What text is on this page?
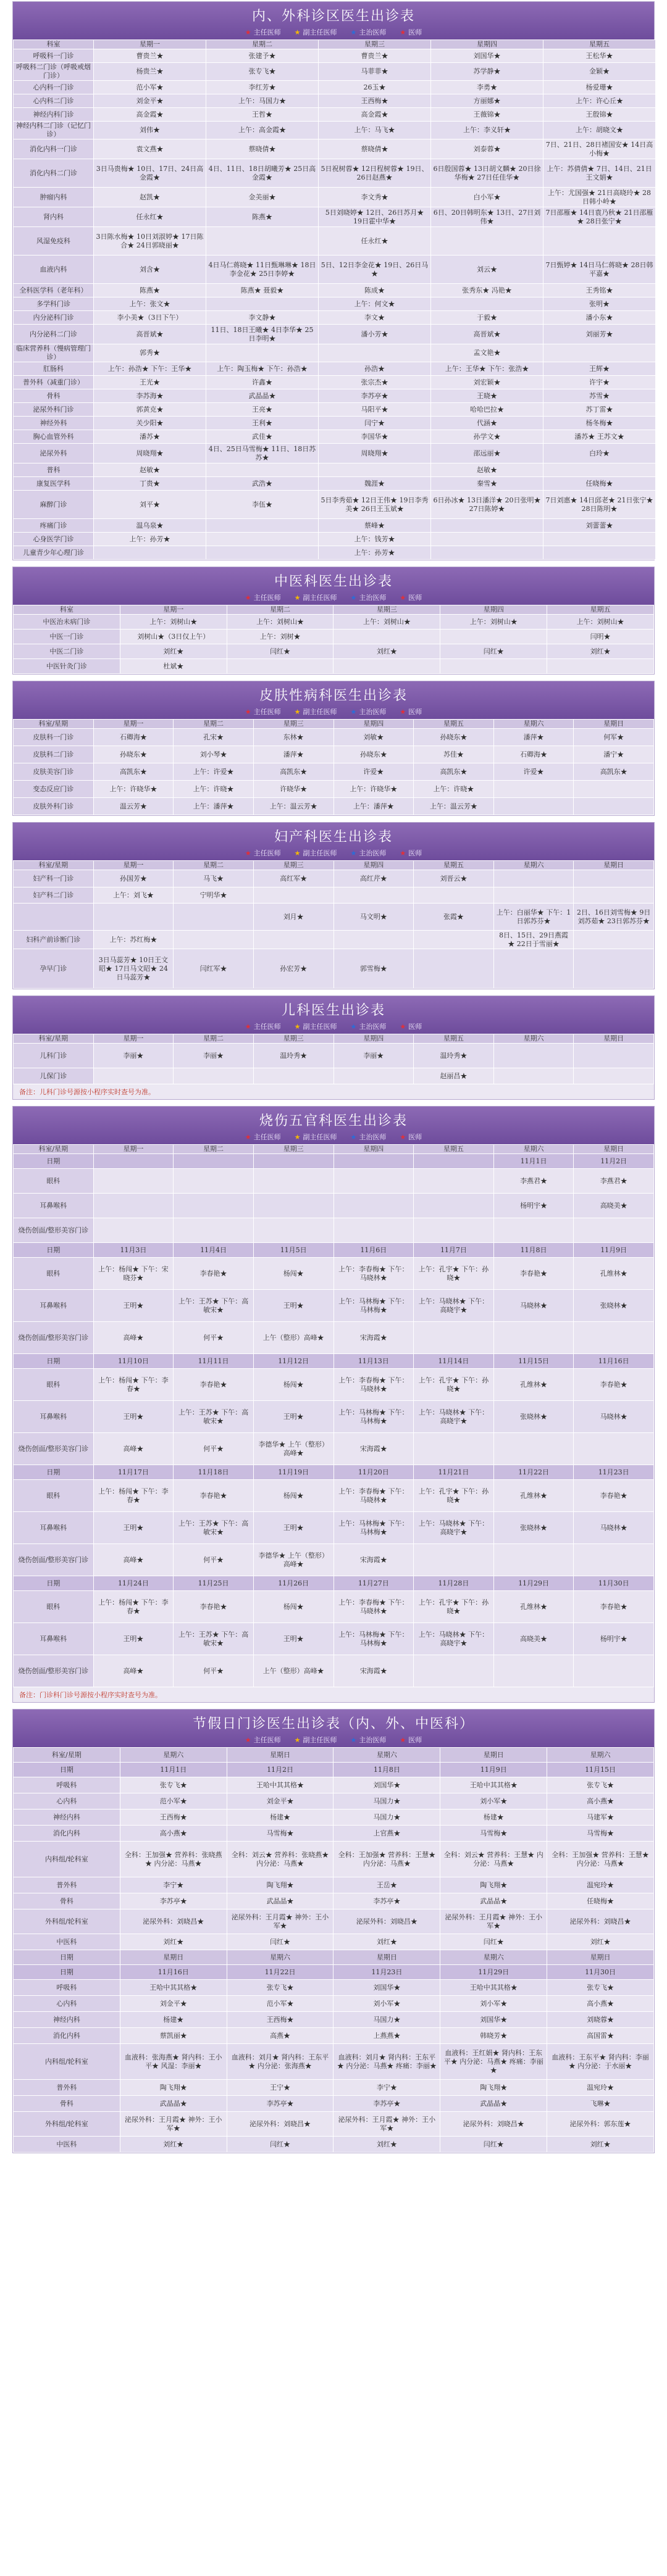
内、外科诊区医生出诊表
★ 主任医师 ★ 副主任医师 ★ 主治医师 ★ 医师
科室	星期一	星期二	星期三	星期四	星期五
呼吸科一门诊	曹贵兰★	张建予★	曹贵兰★	刘国华★	王松华★
呼吸科二门诊（呼吸戒烟门诊）	杨贵兰★	张专飞★	马菲菲★	苏学静★	金颖★
心内科一门诊	范小军★	李红芳★	26玉★	李勇★	杨爱珊★
心内科二门诊	刘金平★	上午：马国力★	王西梅★	方丽娜★	上午：许心丘★
神经内科门诊	高金霞★	王哲★	高金霞★	王薇锦★	王殷锦★
神经内科二门诊（记忆门诊）	刘伟★	上午：高金霞★	上午：马飞★	上午：李义轩★	上午：胡晓文★
消化内科一门诊	袁文燕★	蔡晓倩★	蔡晓倩★	刘泰蓉★	7日、21日、28日褚国安★ 14日高小梅★
消化内科二门诊	3日马贵梅★ 10日、17日、24日高金霞★	4日、11日、18日胡曦芳★ 25日高金霞★	5日祝树蓉★ 12日程树蓉★ 19日、26日赵燕★	6日殷国蓉★ 13日胡文麟★ 20日徐华梅★ 27日任佳华★	上午：苏倩倩★ 7日、14日、21日王文娟★
肿瘤内科	赵凯★	金美丽★	李文秀★	白小军★	上午：尤国强★ 21日高晓玲★ 28日韩小岭★
肾内科	任永红★	陈燕★	5日刘晓婷★ 12日、26日苏月★ 19日霍中华★	6日、20日韩明东★ 13日、27日刘伟★	7日邵雁★ 14日袁乃秋★ 21日邵雁★ 28日张宁★
风湿免疫科	3日陈水梅★ 10日刘淑婷★ 17日陈合★ 24日郭晓丽★		任永红★		
血液内科	刘含★	4日马仁蒋晓★ 11日甄琳琳★ 18日李金花★ 25日李婷★	5日、12日李金花★ 19日、26日马★	刘云★	7日甄婷★ 14日马仁蒋晓★ 28日韩平嘉★
全科医学科（老年科）	陈燕★	陈燕★ 聂毅★	陈成★	张秀东★ 冯艳★	王秀铭★
多学科门诊	上午：张文★		上午：何文★		张明★
内分泌科门诊	李小美★（3日下午）	李文静★	李文★	于毅★	潘小东★
内分泌科二门诊	高晋斌★	11日、18日王曦★ 4日李华★ 25日李明★	潘小芳★	高晋斌★	刘丽芳★
临床营养科（慢病管理门诊）	郭秀★			孟文艳★	
肛肠科	上午：孙浩★ 下午：王华★	上午：陶玉梅★ 下午：孙浩★	孙浩★	上午：王华★ 下午：张浩★	王辉★
普外科（减重门诊）	王光★	许鑫★	张宗杰★	刘宏颖★	许宇★
骨科	李苏海★	武晶晶★	李苏亭★	王晓★	苏雪★
泌尿外科门诊	郭黄克★	王亮★	马阳平★	哈哈巴拉★	苏丁雷★
神经外科	关少阳★	王利★	闫宁★	代涵★	杨冬梅★
胸心血管外科	潘苏★	武佳★	李国华★	孙学文★	潘苏★ 王苏文★
泌尿外科	周晓翔★	4日、25日马雪梅★ 11日、18日苏苏★	周晓翔★	邵远丽★	白玲★
普科	赵敏★			赵敏★	
康复医学科	丁贵★	武浩★	魏涯★	秦雪★	任晓梅★
麻醉门诊	刘平★	李伍★	5日李秀茹★ 12日王伟★ 19日李秀美★ 26日王玉斌★	6日孙冰★ 13日潘洋★ 20日张明★ 27日陈婷★	7日刘惠★ 14日邱老★ 21日张宁★ 28日陈明★
疼痛门诊	温乌泉★		蔡峰★		刘蕾蕾★
心身医学门诊	上午：孙芳★		上午：钱芳★		
儿童青少年心理门诊			上午：孙芳★		
中医科医生出诊表
★ 主任医师 ★ 副主任医师 ★ 主治医师 ★ 医师
科室	星期一	星期二	星期三	星期四	星期五
中医治未病门诊	上午：刘树山★	上午：刘树山★	上午：刘树山★	上午：刘树山★	上午：刘树山★
中医一门诊	刘树山★（3日仅上午）	上午：刘树★			闫明★
中医二门诊	刘红★	闫红★	刘红★	闫红★	刘红★
中医针灸门诊	杜斌★				
皮肤性病科医生出诊表
★ 主任医师 ★ 副主任医师 ★ 主治医师 ★ 医师
科室/星期	星期一	星期二	星期三	星期四	星期五	星期六	星期日
皮肤科一门诊	石卿海★	孔宋★	东林★	刘敏★	孙晓东★	潘萍★	何军★
皮肤科二门诊	孙晓东★	刘小琴★	潘萍★	孙晓东★	苏佳★	石卿海★	潘宁★
皮肤美容门诊	高凯东★	上午：许爱★	高凯东★	许爱★	高凯东★	许爱★	高凯东★
变态反应门诊	上午：许晓华★	上午：许晓★	许晓华★	上午：许晓华★	上午：许晓★		
皮肤外科门诊	温云芳★	上午：潘萍★	上午：温云芳★	上午：潘萍★	上午：温云芳★		
妇产科医生出诊表
★ 主任医师 ★ 副主任医师 ★ 主治医师 ★ 医师
科室/星期	星期一	星期二	星期三	星期四	星期五	星期六	星期日
妇产科一门诊	孙国芳★	马飞★	高红军★	高红芹★	刘晋云★		
妇产科二门诊	上午：刘飞★	宁明华★					
			刘月★	马文明★	张霞★	上午：白丽华★ 下午：1日郭苏芬★	2日、16日刘雪梅★ 9日刘苏茹★ 23日郭苏芬★
妇科产前诊断门诊	上午：苏红梅★					8日、15日、29日燕霞★ 22日于雪丽★	
孕早门诊	3日马蕊芳★ 10日王文昭★ 17日马文昭★ 24日马蕊芳★	闫红军★	孙宏芳★	郭雪梅★			
儿科医生出诊表
★ 主任医师 ★ 副主任医师 ★ 主治医师 ★ 医师
科室/星期	星期一	星期二	星期三	星期四	星期五	星期六	星期日
儿科门诊	李丽★	李丽★	温玲秀★	李丽★	温玲秀★		
儿保门诊					赵丽昌★		
备注：儿科门诊号源按小程序实时查号为准。
烧伤五官科医生出诊表
★ 主任医师 ★ 副主任医师 ★ 主治医师 ★ 医师
科室/星期	星期一	星期二	星期三	星期四	星期五	星期六	星期日
日期						11月1日	11月2日
眼科						李燕君★	李燕君★
耳鼻喉科						杨明宇★	高晓美★
烧伤创面/整形美容门诊							
日期	11月3日	11月4日	11月5日	11月6日	11月7日	11月8日	11月9日
眼科	上午：杨闯★ 下午：宋晓芬★	李春艳★	杨闯★	上午：李春梅★ 下午：马晓林★	上午：孔宇★ 下午：孙晓★	李春艳★	孔维林★
耳鼻喉科	王明★	上午：王苏★ 下午：高敏宋★	王明★	上午：马林梅★ 下午：马林梅★	上午：马晓林★ 下午：高晓宇★	马晓林★	张晓林★
烧伤创面/整形美容门诊	高峰★	何平★	上午（整形）高峰★	宋海霞★			
日期	11月10日	11月11日	11月12日	11月13日	11月14日	11月15日	11月16日
眼科	上午：杨闯★ 下午：李春★	李春艳★	杨闯★	上午：李春梅★ 下午：马晓林★	上午：孔宇★ 下午：孙晓★	孔维林★	李春艳★
耳鼻喉科	王明★	上午：王苏★ 下午：高敏宋★	王明★	上午：马林梅★ 下午：马林梅★	上午：马晓林★ 下午：高晓宇★	张晓林★	马晓林★
烧伤创面/整形美容门诊	高峰★	何平★	李德华★ 上午（整形）高峰★	宋海霞★			
日期	11月17日	11月18日	11月19日	11月20日	11月21日	11月22日	11月23日
眼科	上午：杨闯★ 下午：李春★	李春艳★	杨闯★	上午：李春梅★ 下午：马晓林★	上午：孔宇★ 下午：孙晓★	孔维林★	李春艳★
耳鼻喉科	王明★	上午：王苏★ 下午：高敏宋★	王明★	上午：马林梅★ 下午：马林梅★	上午：马晓林★ 下午：高晓宇★	张晓林★	马晓林★
烧伤创面/整形美容门诊	高峰★	何平★	李德华★ 上午（整形）高峰★	宋海霞★			
日期	11月24日	11月25日	11月26日	11月27日	11月28日	11月29日	11月30日
眼科	上午：杨闯★ 下午：李春★	李春艳★	杨闯★	上午：李春梅★ 下午：马晓林★	上午：孔宇★ 下午：孙晓★	孔维林★	李春艳★
耳鼻喉科	王明★	上午：王苏★ 下午：高敏宋★	王明★	上午：马林梅★ 下午：马林梅★	上午：马晓林★ 下午：高晓宇★	高晓美★	杨明宇★
烧伤创面/整形美容门诊	高峰★	何平★	上午（整形）高峰★	宋海霞★			
备注：门诊科门诊号源按小程序实时查号为准。
节假日门诊医生出诊表（内、外、中医科）
★ 主任医师 ★ 副主任医师 ★ 主治医师 ★ 医师
科室/星期	星期六	星期日	星期六	星期日	星期六
日期	11月1日	11月2日	11月8日	11月9日	11月15日
呼吸科	张专飞★	王哈中其其格★	刘国华★	王哈中其其格★	张专飞★
心内科	范小军★	刘金平★	马国力★	刘小军★	高小燕★
神经内科	王西梅★	杨建★	马国力★	杨建★	马建军★
消化内科	高小燕★	马雪梅★	上官燕★	马雪梅★	马雪梅★
内科组/轮科室	全科：王加强★ 营养科：张晓燕★ 内分泌：马燕★	全科：刘云★ 营养科：张晓燕★ 内分泌：马燕★	全科：王加强★ 营养科：王慧★ 内分泌：马燕★	全科：刘云★ 营养科：王慧★ 内分泌：马燕★	全科：王加强★ 营养科：王慧★ 内分泌：马燕★
普外科	李宁★	陶飞翔★	王岳★	陶飞翔★	温宛玲★
骨科	李苏亭★	武晶晶★	李苏亭★	武晶晶★	任晓梅★
外科组/轮科室	泌尿外科：刘晓昌★	泌尿外科：王月霞★ 神外：王小军★	泌尿外科：刘晓昌★	泌尿外科：王月霞★ 神外：王小军★	泌尿外科：刘晓昌★
中医科	刘红★	闫红★	刘红★	闫红★	刘红★
日期	星期日	星期六	星期日	星期六	星期日
日期	11月16日	11月22日	11月23日	11月29日	11月30日
呼吸科	王哈中其其格★	张专飞★	刘国华★	王哈中其其格★	张专飞★
心内科	刘金平★	范小军★	刘小军★	刘小军★	高小燕★
神经内科	杨建★	王西梅★	马国力★	刘国华★	刘晓蓉★
消化内科	蔡凯丽★	高燕★	上燕燕★	韩晓芳★	高国雷★
内科组/轮科室	血液科：张海燕★ 肾内科：王小平★ 风湿：李丽★	血液科：刘月★ 肾内科：王东平★ 内分泌：张海燕★	血液科：刘月★ 肾内科：王东平★ 内分泌：马燕★ 疼痛：李丽★	血液科：王红娟★ 肾内科：王东平★ 内分泌：马燕★ 疼痛：李丽★	血液科：王东平★ 肾内科：李丽★ 内分泌：于水丽★
普外科	陶飞翔★	王宁★	李宁★	陶飞翔★	温宛玲★
骨科	武晶晶★	李苏亭★	李苏亭★	武晶晶★	飞琳★
外科组/轮科室	泌尿外科：王月霞★ 神外：王小军★	泌尿外科：刘晓昌★	泌尿外科：王月霞★ 神外：王小军★	泌尿外科：刘晓昌★	泌尿外科：郭东莲★
中医科	刘红★	闫红★	刘红★	闫红★	刘红★
